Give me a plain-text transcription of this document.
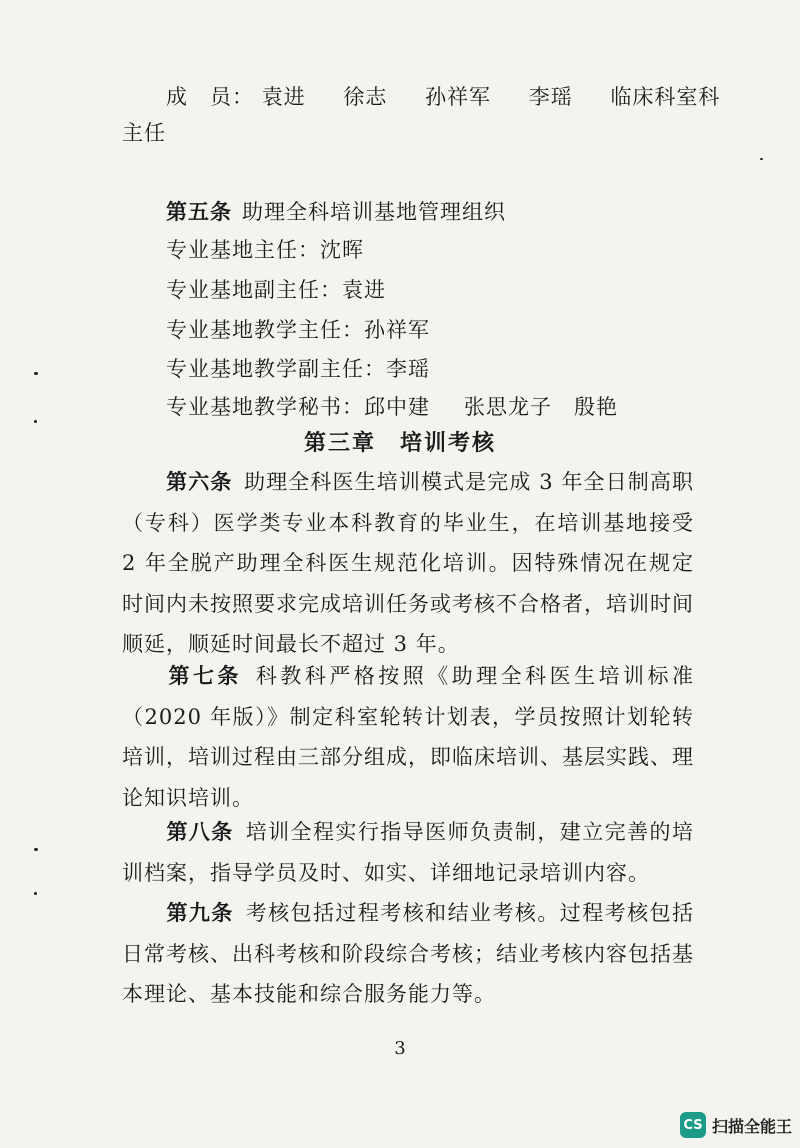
成　员： 袁进 徐志 孙祥军 李瑶 临床科室科
主任
第五条 助理全科培训基地管理组织
专业基地主任：沈晖
专业基地副主任：袁进
专业基地教学主任：孙祥军
专业基地教学副主任：李瑶
专业基地教学秘书：邱中建 张思龙子 殷艳
第三章 培训考核
第六条  助理全科医生培训模式是完成 3 年全日制高职（专科）医学类专业本科教育的毕业生，在培训基地接受 2 年全脱产助理全科医生规范化培训。因特殊情况在规定时间内未按照要求完成培训任务或考核不合格者，培训时间顺延，顺延时间最长不超过 3 年。
第七条  科教科严格按照《助理全科医生培训标准（2020 年版）》制定科室轮转计划表，学员按照计划轮转培训，培训过程由三部分组成，即临床培训、基层实践、理论知识培训。
第八条  培训全程实行指导医师负责制，建立完善的培训档案，指导学员及时、如实、详细地记录培训内容。
第九条  考核包括过程考核和结业考核。过程考核包括日常考核、出科考核和阶段综合考核；结业考核内容包括基本理论、基本技能和综合服务能力等。
3
CS 扫描全能王
